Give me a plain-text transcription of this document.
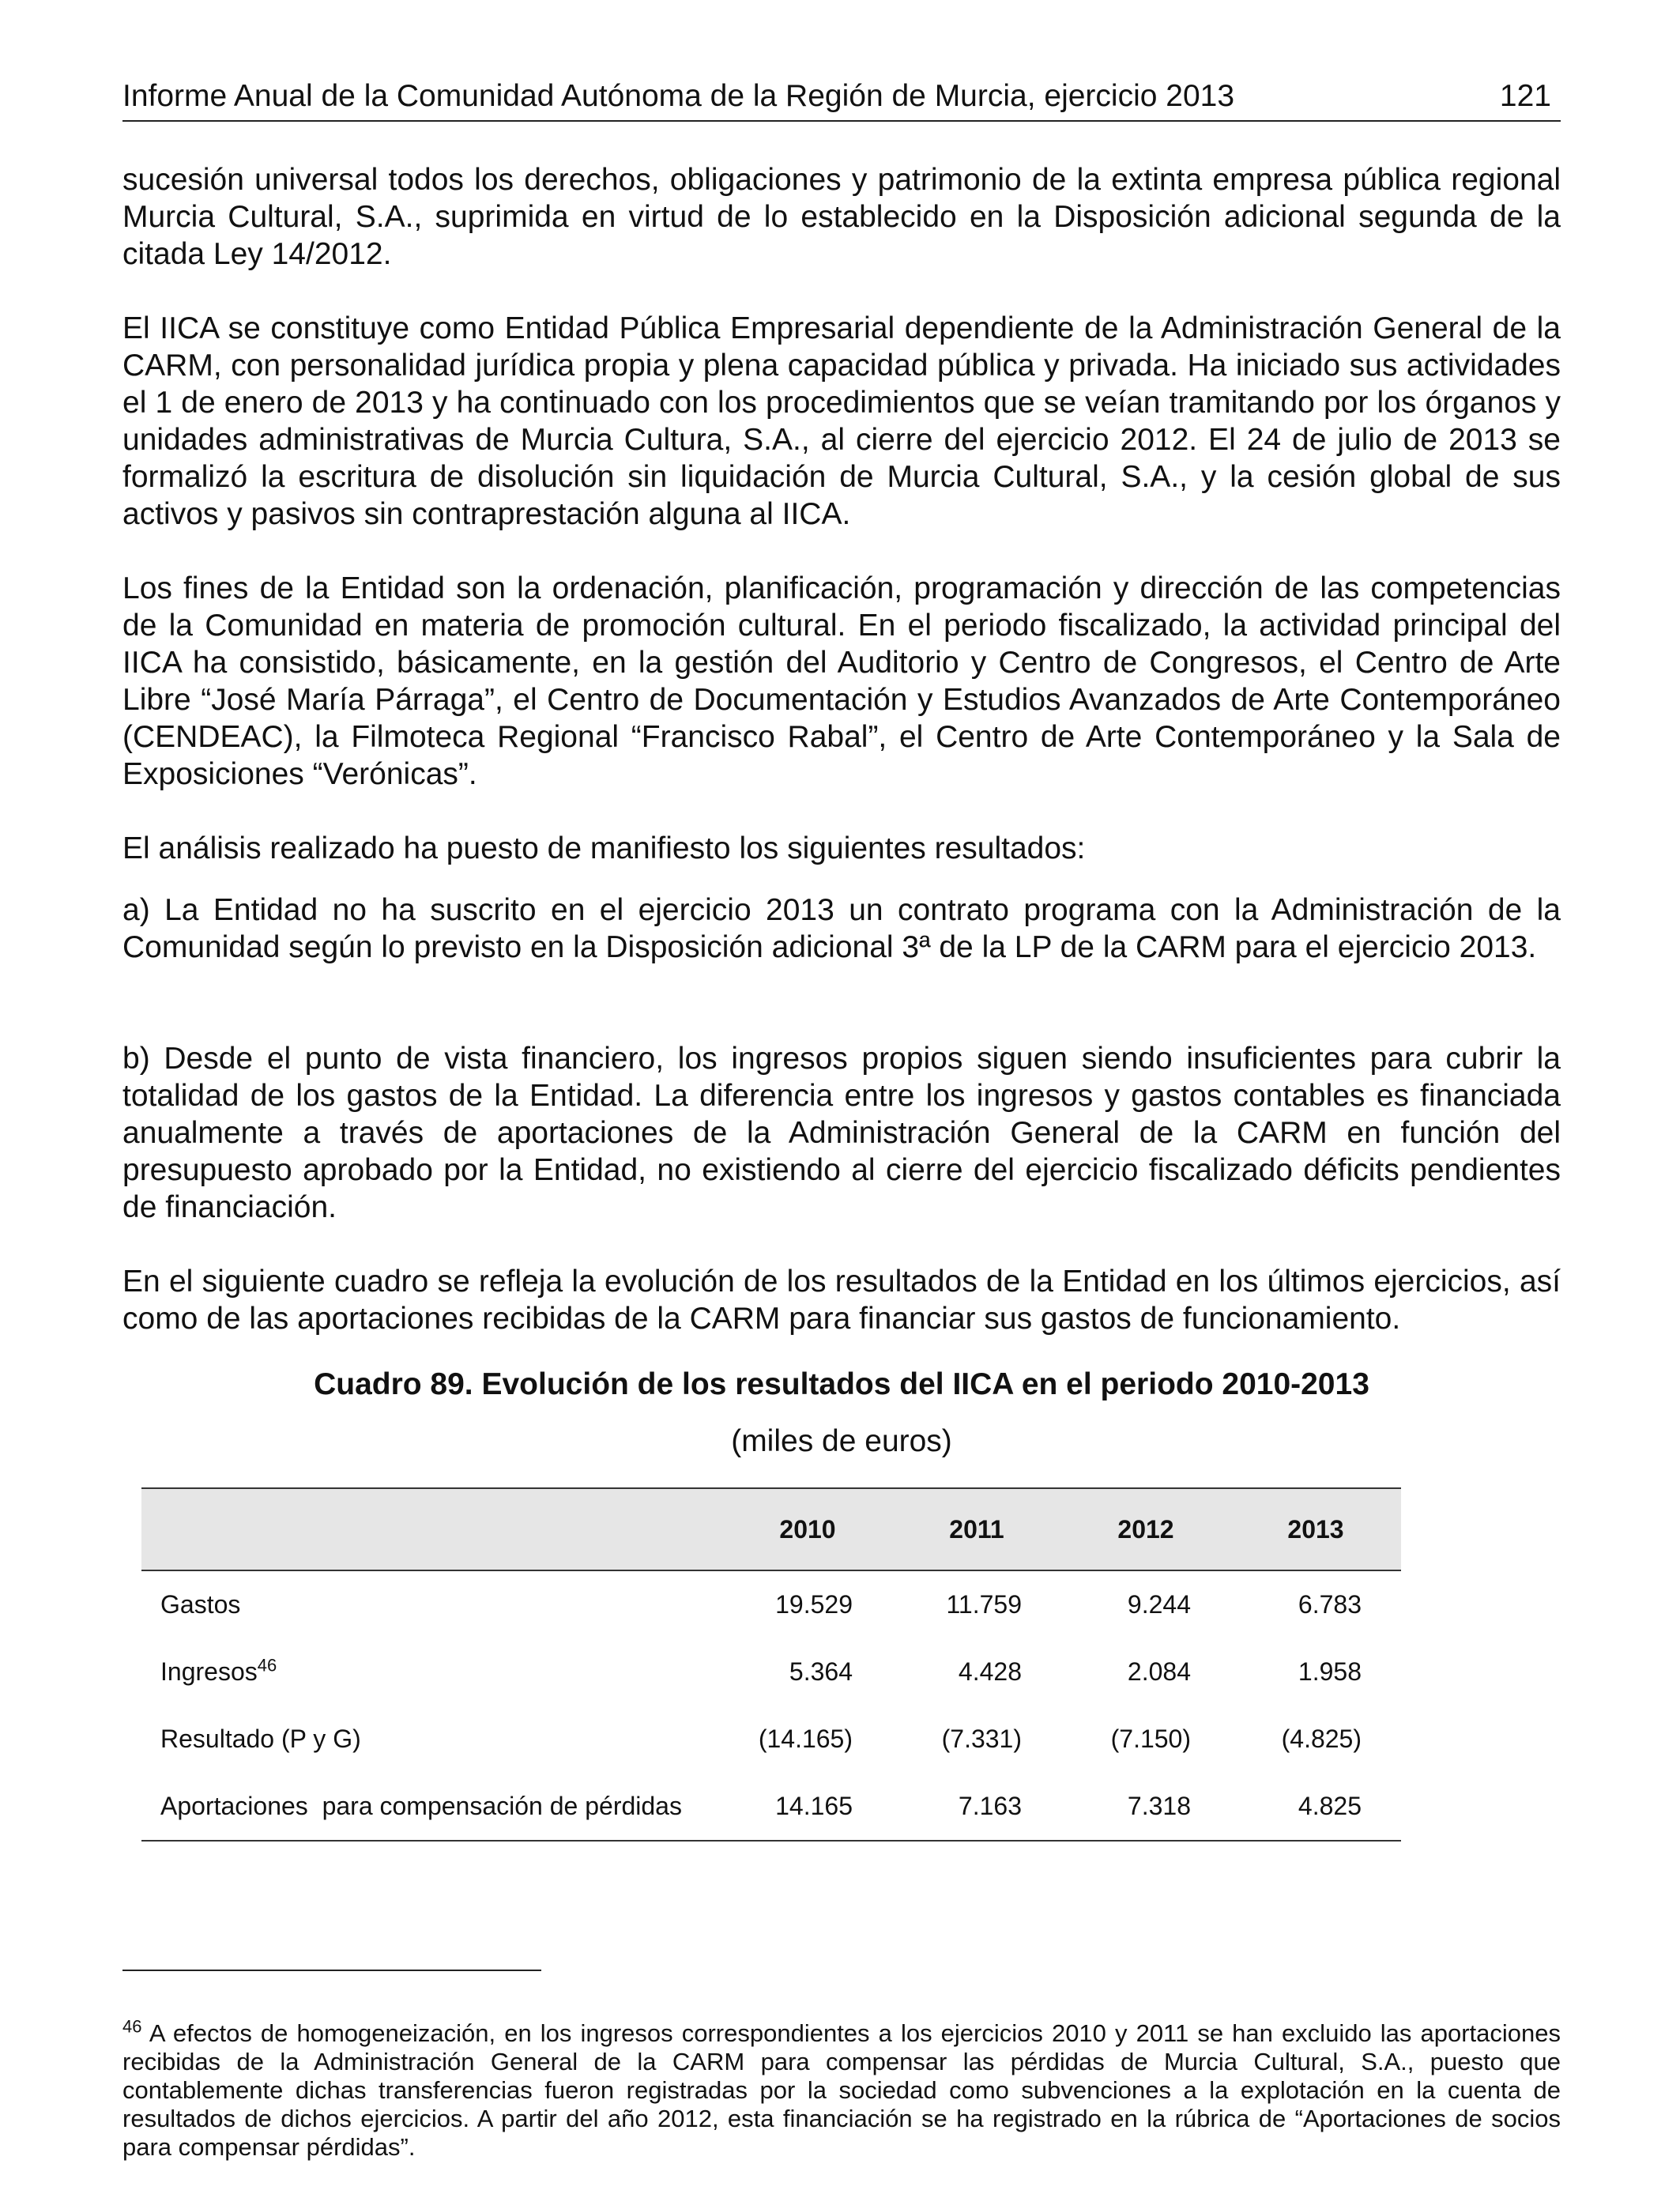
Informe Anual de la Comunidad Autónoma de la Región de Murcia, ejercicio 2013	121

sucesión universal todos los derechos, obligaciones y patrimonio de la extinta empresa pública regional Murcia Cultural, S.A., suprimida en virtud de lo establecido en la Disposición adicional segunda de la citada Ley 14/2012.

El IICA se constituye como Entidad Pública Empresarial dependiente de la Administración General de la CARM, con personalidad jurídica propia y plena capacidad pública y privada. Ha iniciado sus actividades el 1 de enero de 2013 y ha continuado con los procedimientos que se veían tramitando por los órganos y unidades administrativas de Murcia Cultura, S.A., al cierre del ejercicio 2012. El 24 de julio de 2013 se formalizó la escritura de disolución sin liquidación de Murcia Cultural, S.A., y la cesión global de sus activos y pasivos sin contraprestación alguna al IICA.

Los fines de la Entidad son la ordenación, planificación, programación y dirección de las competencias de la Comunidad en materia de promoción cultural. En el periodo fiscalizado, la actividad principal del IICA ha consistido, básicamente, en la gestión del Auditorio y Centro de Congresos, el Centro de Arte Libre “José María Párraga”, el Centro de Documentación y Estudios Avanzados de Arte Contemporáneo (CENDEAC), la Filmoteca Regional “Francisco Rabal”, el Centro de Arte Contemporáneo y la Sala de Exposiciones “Verónicas”.

El análisis realizado ha puesto de manifiesto los siguientes resultados:

a) La Entidad no ha suscrito en el ejercicio 2013 un contrato programa con la Administración de la Comunidad según lo previsto en la Disposición adicional 3ª de la LP de la CARM para el ejercicio 2013.

b) Desde el punto de vista financiero, los ingresos propios siguen siendo insuficientes para cubrir la totalidad de los gastos de la Entidad. La diferencia entre los ingresos y gastos contables es financiada anualmente a través de aportaciones de la Administración General de la CARM en función del presupuesto aprobado por la Entidad, no existiendo al cierre del ejercicio fiscalizado déficits pendientes de financiación.

En el siguiente cuadro se refleja la evolución de los resultados de la Entidad en los últimos ejercicios, así como de las aportaciones recibidas de la CARM para financiar sus gastos de funcionamiento.

Cuadro 89. Evolución de los resultados del IICA en el periodo 2010-2013
(miles de euros)
	2010	2011	2012	2013
Gastos	19.529	11.759	9.244	6.783
Ingresos$^{46}$	5.364	4.428	2.084	1.958
Resultado (P y G)	(14.165)	(7.331)	(7.150)	(4.825)
Aportaciones  para compensación de pérdidas	14.165	7.163	7.318	4.825

$^{46}$ A efectos de homogeneización, en los ingresos correspondientes a los ejercicios 2010 y 2011 se han excluido las aportaciones recibidas de la Administración General de la CARM para compensar las pérdidas de Murcia Cultural, S.A., puesto que contablemente dichas transferencias fueron registradas por la sociedad como subvenciones a la explotación en la cuenta de resultados de dichos ejercicios. A partir del año 2012, esta financiación se ha registrado en la rúbrica de “Aportaciones de socios para compensar pérdidas”.
